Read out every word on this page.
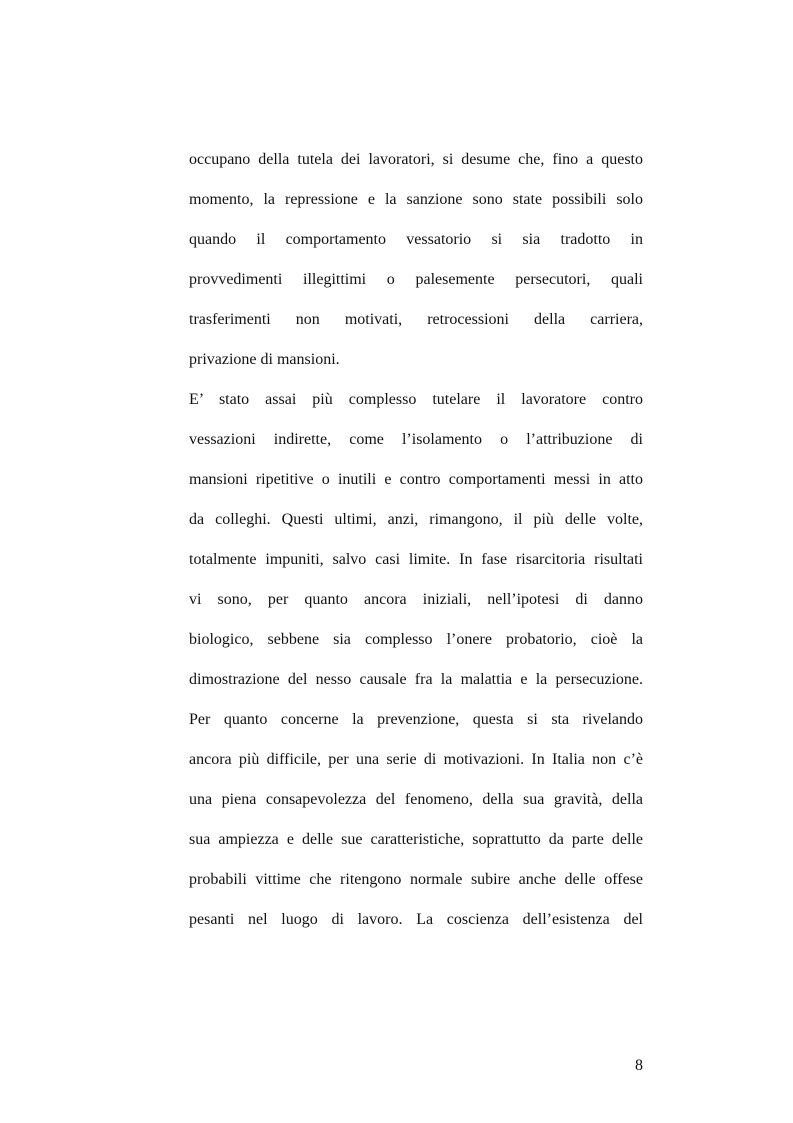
occupano della tutela dei lavoratori, si desume che, fino a questo
momento, la repressione e la sanzione sono state possibili solo
quando il comportamento vessatorio si sia tradotto in
provvedimenti illegittimi o palesemente persecutori, quali
trasferimenti non motivati, retrocessioni della carriera,
privazione di mansioni.
E’ stato assai più complesso tutelare il lavoratore contro
vessazioni indirette, come l’isolamento o l’attribuzione di
mansioni ripetitive o inutili e contro comportamenti messi in atto
da colleghi. Questi ultimi, anzi, rimangono, il più delle volte,
totalmente impuniti, salvo casi limite. In fase risarcitoria risultati
vi sono, per quanto ancora iniziali, nell’ipotesi di danno
biologico, sebbene sia complesso l’onere probatorio, cioè la
dimostrazione del nesso causale fra la malattia e la persecuzione.
Per quanto concerne la prevenzione, questa si sta rivelando
ancora più difficile, per una serie di motivazioni. In Italia non c’è
una piena consapevolezza del fenomeno, della sua gravità, della
sua ampiezza e delle sue caratteristiche, soprattutto da parte delle
probabili vittime che ritengono normale subire anche delle offese
pesanti nel luogo di lavoro. La coscienza dell’esistenza del
8
